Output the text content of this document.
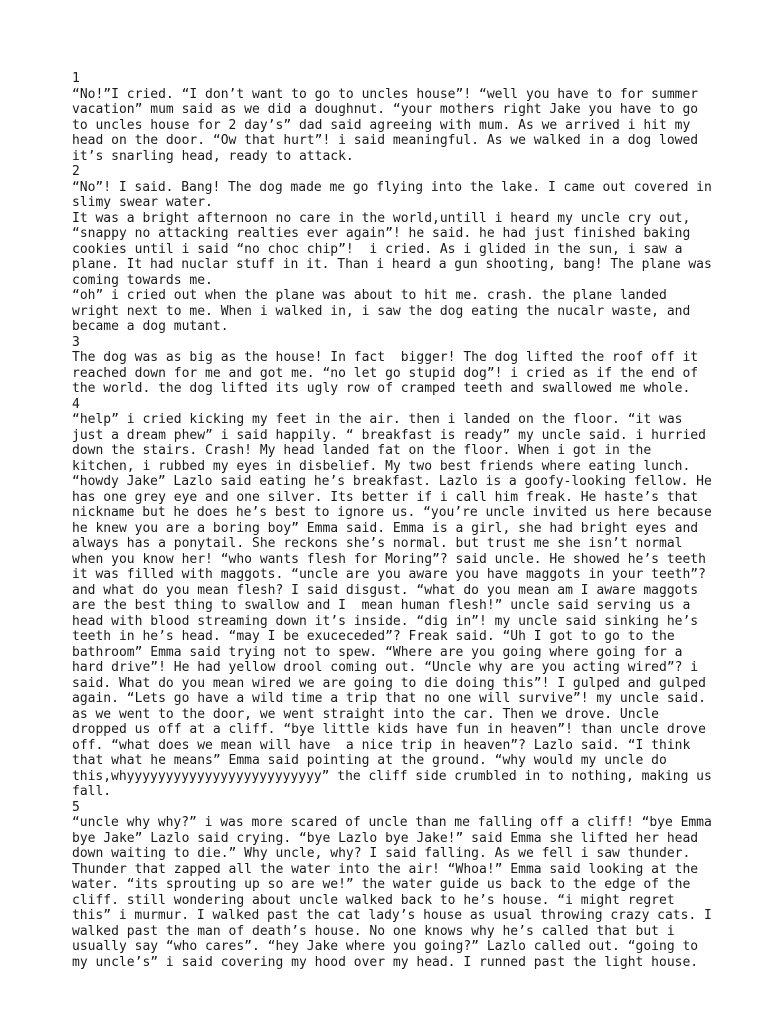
1
“No!”I cried. “I don’t want to go to uncles house”! “well you have to for summer
vacation” mum said as we did a doughnut. “your mothers right Jake you have to go
to uncles house for 2 day’s” dad said agreeing with mum. As we arrived i hit my
head on the door. “Ow that hurt”! i said meaningful. As we walked in a dog lowed
it’s snarling head, ready to attack.
2
“No”! I said. Bang! The dog made me go flying into the lake. I came out covered in
slimy swear water.
It was a bright afternoon no care in the world,untill i heard my uncle cry out,
“snappy no attacking realties ever again”! he said. he had just finished baking
cookies until i said “no choc chip”!  i cried. As i glided in the sun, i saw a
plane. It had nuclar stuff in it. Than i heard a gun shooting, bang! The plane was
coming towards me.
“oh” i cried out when the plane was about to hit me. crash. the plane landed
wright next to me. When i walked in, i saw the dog eating the nucalr waste, and
became a dog mutant.
3
The dog was as big as the house! In fact  bigger! The dog lifted the roof off it
reached down for me and got me. “no let go stupid dog”! i cried as if the end of
the world. the dog lifted its ugly row of cramped teeth and swallowed me whole.
4
“help” i cried kicking my feet in the air. then i landed on the floor. “it was
just a dream phew” i said happily. “ breakfast is ready” my uncle said. i hurried
down the stairs. Crash! My head landed fat on the floor. When i got in the
kitchen, i rubbed my eyes in disbelief. My two best friends where eating lunch.
“howdy Jake” Lazlo said eating he’s breakfast. Lazlo is a goofy-looking fellow. He
has one grey eye and one silver. Its better if i call him freak. He haste’s that
nickname but he does he’s best to ignore us. “you’re uncle invited us here because
he knew you are a boring boy” Emma said. Emma is a girl, she had bright eyes and
always has a ponytail. She reckons she’s normal. but trust me she isn’t normal
when you know her! “who wants flesh for Moring”? said uncle. He showed he’s teeth
it was filled with maggots. “uncle are you aware you have maggots in your teeth”?
and what do you mean flesh? I said disgust. “what do you mean am I aware maggots
are the best thing to swallow and I  mean human flesh!” uncle said serving us a
head with blood streaming down it’s inside. “dig in”! my uncle said sinking he’s
teeth in he’s head. “may I be exuceceded”? Freak said. “Uh I got to go to the
bathroom” Emma said trying not to spew. “Where are you going where going for a
hard drive”! He had yellow drool coming out. “Uncle why are you acting wired”? i
said. What do you mean wired we are going to die doing this”! I gulped and gulped
again. “Lets go have a wild time a trip that no one will survive”! my uncle said.
as we went to the door, we went straight into the car. Then we drove. Uncle
dropped us off at a cliff. “bye little kids have fun in heaven”! than uncle drove
off. “what does we mean will have  a nice trip in heaven”? Lazlo said. “I think
that what he means” Emma said pointing at the ground. “why would my uncle do
this,whyyyyyyyyyyyyyyyyyyyyyyyyy” the cliff side crumbled in to nothing, making us
fall.
5
“uncle why why?” i was more scared of uncle than me falling off a cliff! “bye Emma
bye Jake” Lazlo said crying. “bye Lazlo bye Jake!” said Emma she lifted her head
down waiting to die.” Why uncle, why? I said falling. As we fell i saw thunder.
Thunder that zapped all the water into the air! “Whoa!” Emma said looking at the
water. “its sprouting up so are we!” the water guide us back to the edge of the
cliff. still wondering about uncle walked back to he’s house. “i might regret
this” i murmur. I walked past the cat lady’s house as usual throwing crazy cats. I
walked past the man of death’s house. No one knows why he’s called that but i
usually say “who cares”. “hey Jake where you going?” Lazlo called out. “going to
my uncle’s” i said covering my hood over my head. I runned past the light house.
